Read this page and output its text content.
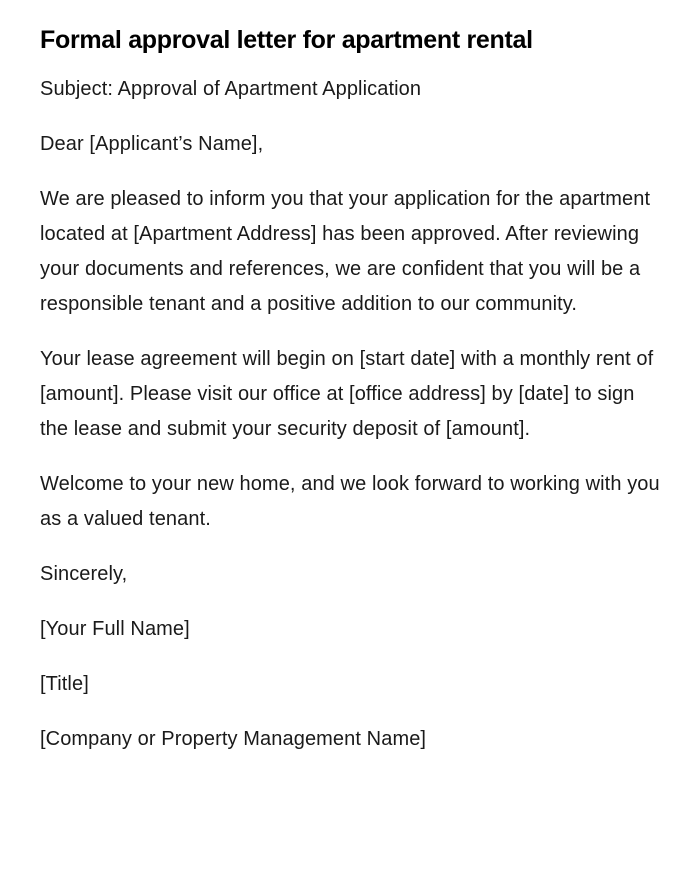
Formal approval letter for apartment rental

Subject: Approval of Apartment Application

Dear [Applicant’s Name],

We are pleased to inform you that your application for the apartment located at [Apartment Address] has been approved. After reviewing your documents and references, we are confident that you will be a responsible tenant and a positive addition to our community.

Your lease agreement will begin on [start date] with a monthly rent of [amount]. Please visit our office at [office address] by [date] to sign the lease and submit your security deposit of [amount].

Welcome to your new home, and we look forward to working with you as a valued tenant.

Sincerely,

[Your Full Name]

[Title]

[Company or Property Management Name]
